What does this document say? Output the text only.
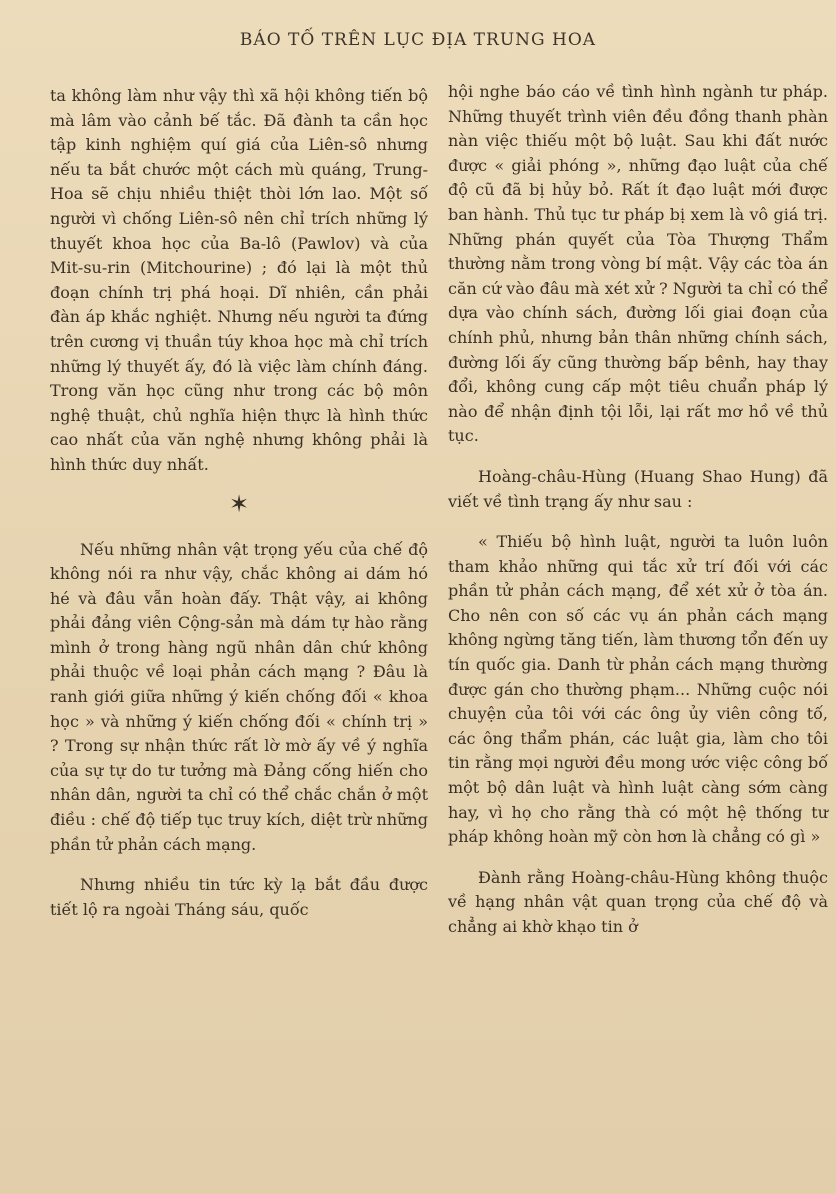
BÁO TỐ TRÊN LỤC ĐỊA TRUNG HOA

ta không làm như vậy thì xã hội không tiến bộ mà lâm vào cảnh bế tắc. Đã đành ta cần học tập kinh nghiệm quí giá của Liên-sô nhưng nếu ta bắt chước một cách mù quáng, Trung-Hoa sẽ chịu nhiều thiệt thòi lớn lao. Một số người vì chống Liên-sô nên chỉ trích những lý thuyết khoa học của Ba-lô (Pawlov) và của Mit-su-rin (Mitchourine) ; đó lại là một thủ đoạn chính trị phá hoại. Dĩ nhiên, cần phải đàn áp khắc nghiệt. Nhưng nếu người ta đứng trên cương vị thuần túy khoa học mà chỉ trích những lý thuyết ấy, đó là việc làm chính đáng. Trong văn học cũng như trong các bộ môn nghệ thuật, chủ nghĩa hiện thực là hình thức cao nhất của văn nghệ nhưng không phải là hình thức duy nhất.

✶

Nếu những nhân vật trọng yếu của chế độ không nói ra như vậy, chắc không ai dám hó hé và đâu vẫn hoàn đấy. Thật vậy, ai không phải đảng viên Cộng-sản mà dám tự hào rằng mình ở trong hàng ngũ nhân dân chứ không phải thuộc về loại phản cách mạng ? Đâu là ranh giới giữa những ý kiến chống đối « khoa học » và những ý kiến chống đối « chính trị » ? Trong sự nhận thức rất lờ mờ ấy về ý nghĩa của sự tự do tư tưởng mà Đảng cống hiến cho nhân dân, người ta chỉ có thể chắc chắn ở một điều : chế độ tiếp tục truy kích, diệt trừ những phần tử phản cách mạng.

Nhưng nhiều tin tức kỳ lạ bắt đầu được tiết lộ ra ngoài Tháng sáu, quốc

hội nghe báo cáo về tình hình ngành tư pháp. Những thuyết trình viên đều đồng thanh phàn nàn việc thiếu một bộ luật. Sau khi đất nước được « giải phóng », những đạo luật của chế độ cũ đã bị hủy bỏ. Rất ít đạo luật mới được ban hành. Thủ tục tư pháp bị xem là vô giá trị. Những phán quyết của Tòa Thượng Thẩm thường nằm trong vòng bí mật. Vậy các tòa án căn cứ vào đâu mà xét xử ? Người ta chỉ có thể dựa vào chính sách, đường lối giai đoạn của chính phủ, nhưng bản thân những chính sách, đường lối ấy cũng thường bấp bênh, hay thay đổi, không cung cấp một tiêu chuẩn pháp lý nào để nhận định tội lỗi, lại rất mơ hồ về thủ tục.

Hoàng-châu-Hùng (Huang Shao Hung) đã viết về tình trạng ấy như sau :

« Thiếu bộ hình luật, người ta luôn luôn tham khảo những qui tắc xử trí đối với các phần tử phản cách mạng, để xét xử ở tòa án. Cho nên con số các vụ án phản cách mạng không ngừng tăng tiến, làm thương tổn đến uy tín quốc gia. Danh từ phản cách mạng thường được gán cho thường phạm... Những cuộc nói chuyện của tôi với các ông ủy viên công tố, các ông thẩm phán, các luật gia, làm cho tôi tin rằng mọi người đều mong ước việc công bố một bộ dân luật và hình luật càng sớm càng hay, vì họ cho rằng thà có một hệ thống tư pháp không hoàn mỹ còn hơn là chẳng có gì »

Đành rằng Hoàng-châu-Hùng không thuộc về hạng nhân vật quan trọng của chế độ và chẳng ai khờ khạo tin ở
